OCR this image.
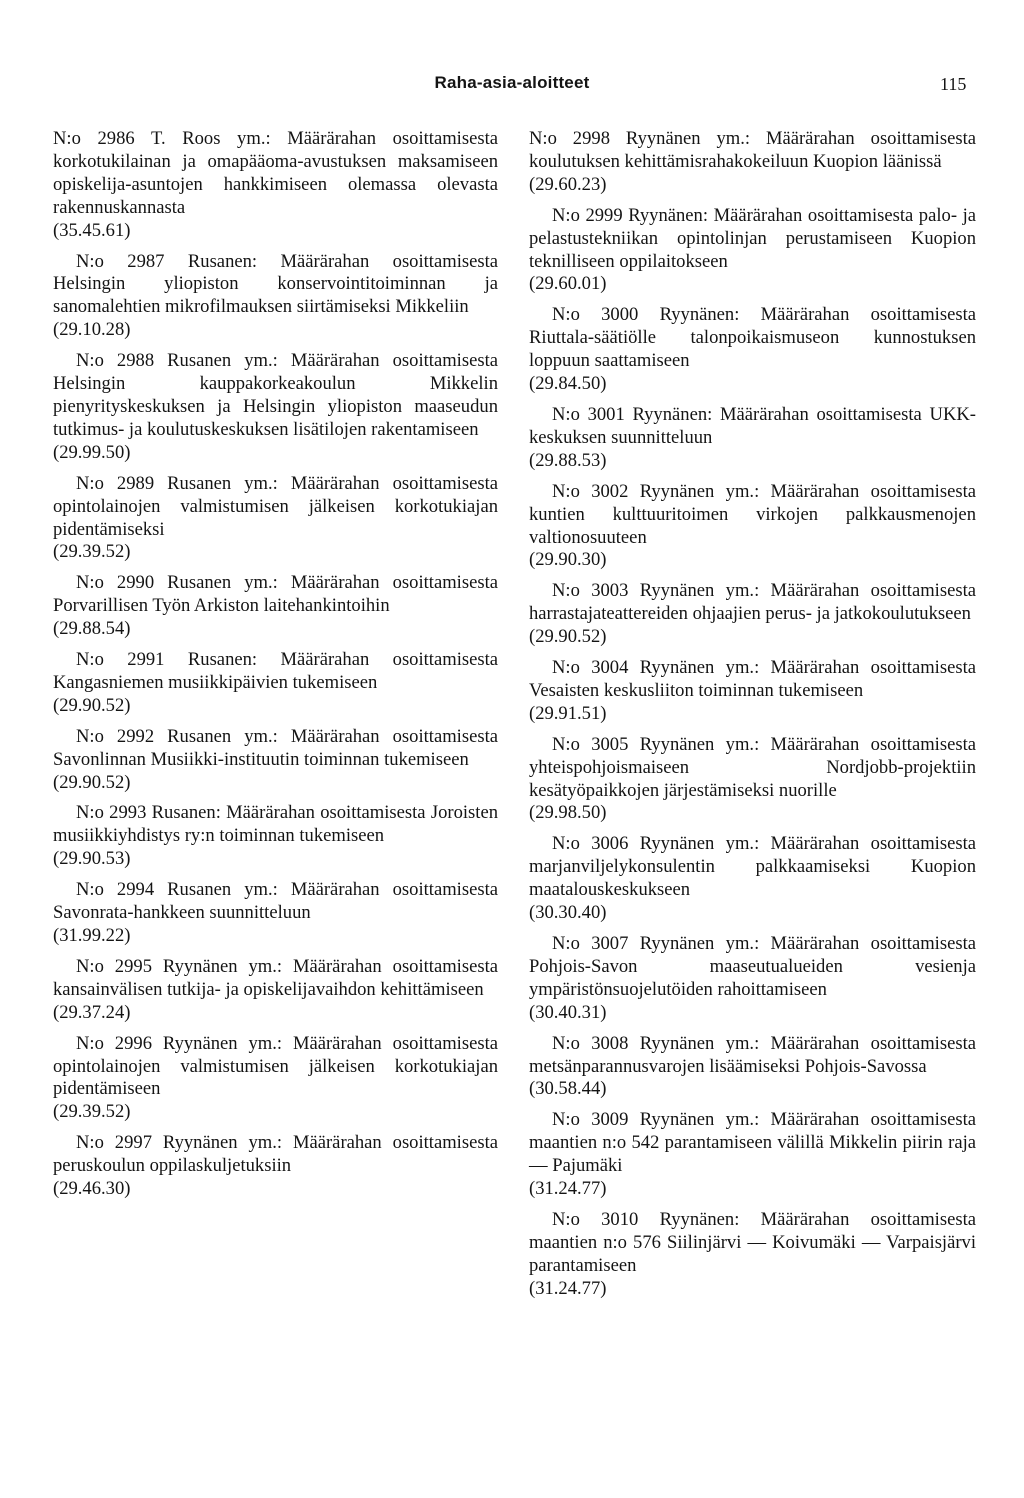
Raha-asia-aloitteet	115
N:o 2986 T. Roos ym.: Määrärahan osoittamisesta korkotukilainan ja omapääoma-avustuksen maksamiseen opiskelija-asuntojen hankkimiseen olemassa olevasta rakennuskannasta
(35.45.61)
N:o 2987 Rusanen: Määrärahan osoittamisesta Helsingin yliopiston konservointitoiminnan ja sanomalehtien mikrofilmauksen siirtämiseksi Mikkeliin
(29.10.28)
N:o 2988 Rusanen ym.: Määrärahan osoittamisesta Helsingin kauppakorkeakoulun Mikkelin pienyrityskeskuksen ja Helsingin yliopiston maaseudun tutkimus- ja koulutuskeskuksen lisätilojen rakentamiseen
(29.99.50)
N:o 2989 Rusanen ym.: Määrärahan osoittamisesta opintolainojen valmistumisen jälkeisen korkotukiajan pidentämiseksi
(29.39.52)
N:o 2990 Rusanen ym.: Määrärahan osoittamisesta Porvarillisen Työn Arkiston laitehankintoihin
(29.88.54)
N:o 2991 Rusanen: Määrärahan osoittamisesta Kangasniemen musiikkipäivien tukemiseen
(29.90.52)
N:o 2992 Rusanen ym.: Määrärahan osoittamisesta Savonlinnan Musiikki-instituutin toiminnan tukemiseen
(29.90.52)
N:o 2993 Rusanen: Määrärahan osoittamisesta Joroisten musiikkiyhdistys ry:n toiminnan tukemiseen
(29.90.53)
N:o 2994 Rusanen ym.: Määrärahan osoittamisesta Savonrata-hankkeen suunnitteluun
(31.99.22)
N:o 2995 Ryynänen ym.: Määrärahan osoittamisesta kansainvälisen tutkija- ja opiskelijavaihdon kehittämiseen
(29.37.24)
N:o 2996 Ryynänen ym.: Määrärahan osoittamisesta opintolainojen valmistumisen jälkeisen korkotukiajan pidentämiseen
(29.39.52)
N:o 2997 Ryynänen ym.: Määrärahan osoittamisesta peruskoulun oppilaskuljetuksiin
(29.46.30)
N:o 2998 Ryynänen ym.: Määrärahan osoittamisesta koulutuksen kehittämisrahakokeiluun Kuopion läänissä
(29.60.23)
N:o 2999 Ryynänen: Määrärahan osoittamisesta palo- ja pelastustekniikan opintolinjan perustamiseen Kuopion teknilliseen oppilaitokseen
(29.60.01)
N:o 3000 Ryynänen: Määrärahan osoittamisesta Riuttala-säätiölle talonpoikaismuseon kunnostuksen loppuun saattamiseen
(29.84.50)
N:o 3001 Ryynänen: Määrärahan osoittamisesta UKK-keskuksen suunnitteluun
(29.88.53)
N:o 3002 Ryynänen ym.: Määrärahan osoittamisesta kuntien kulttuuritoimen virkojen palkkausmenojen valtionosuuteen
(29.90.30)
N:o 3003 Ryynänen ym.: Määrärahan osoittamisesta harrastajateattereiden ohjaajien perus- ja jatkokoulutukseen
(29.90.52)
N:o 3004 Ryynänen ym.: Määrärahan osoittamisesta Vesaisten keskusliiton toiminnan tukemiseen
(29.91.51)
N:o 3005 Ryynänen ym.: Määrärahan osoittamisesta yhteispohjoismaiseen Nordjobb-projektiin kesätyöpaikkojen järjestämiseksi nuorille
(29.98.50)
N:o 3006 Ryynänen ym.: Määrärahan osoittamisesta marjanviljelykonsulentin palkkaamiseksi Kuopion maatalouskeskukseen
(30.30.40)
N:o 3007 Ryynänen ym.: Määrärahan osoittamisesta Pohjois-Savon maaseutualueiden vesienja ympäristönsuojelutöiden rahoittamiseen
(30.40.31)
N:o 3008 Ryynänen ym.: Määrärahan osoittamisesta metsänparannusvarojen lisäämiseksi Pohjois-Savossa
(30.58.44)
N:o 3009 Ryynänen ym.: Määrärahan osoittamisesta maantien n:o 542 parantamiseen välillä Mikkelin piirin raja — Pajumäki
(31.24.77)
N:o 3010 Ryynänen: Määrärahan osoittamisesta maantien n:o 576 Siilinjärvi — Koivumäki — Varpaisjärvi parantamiseen
(31.24.77)
